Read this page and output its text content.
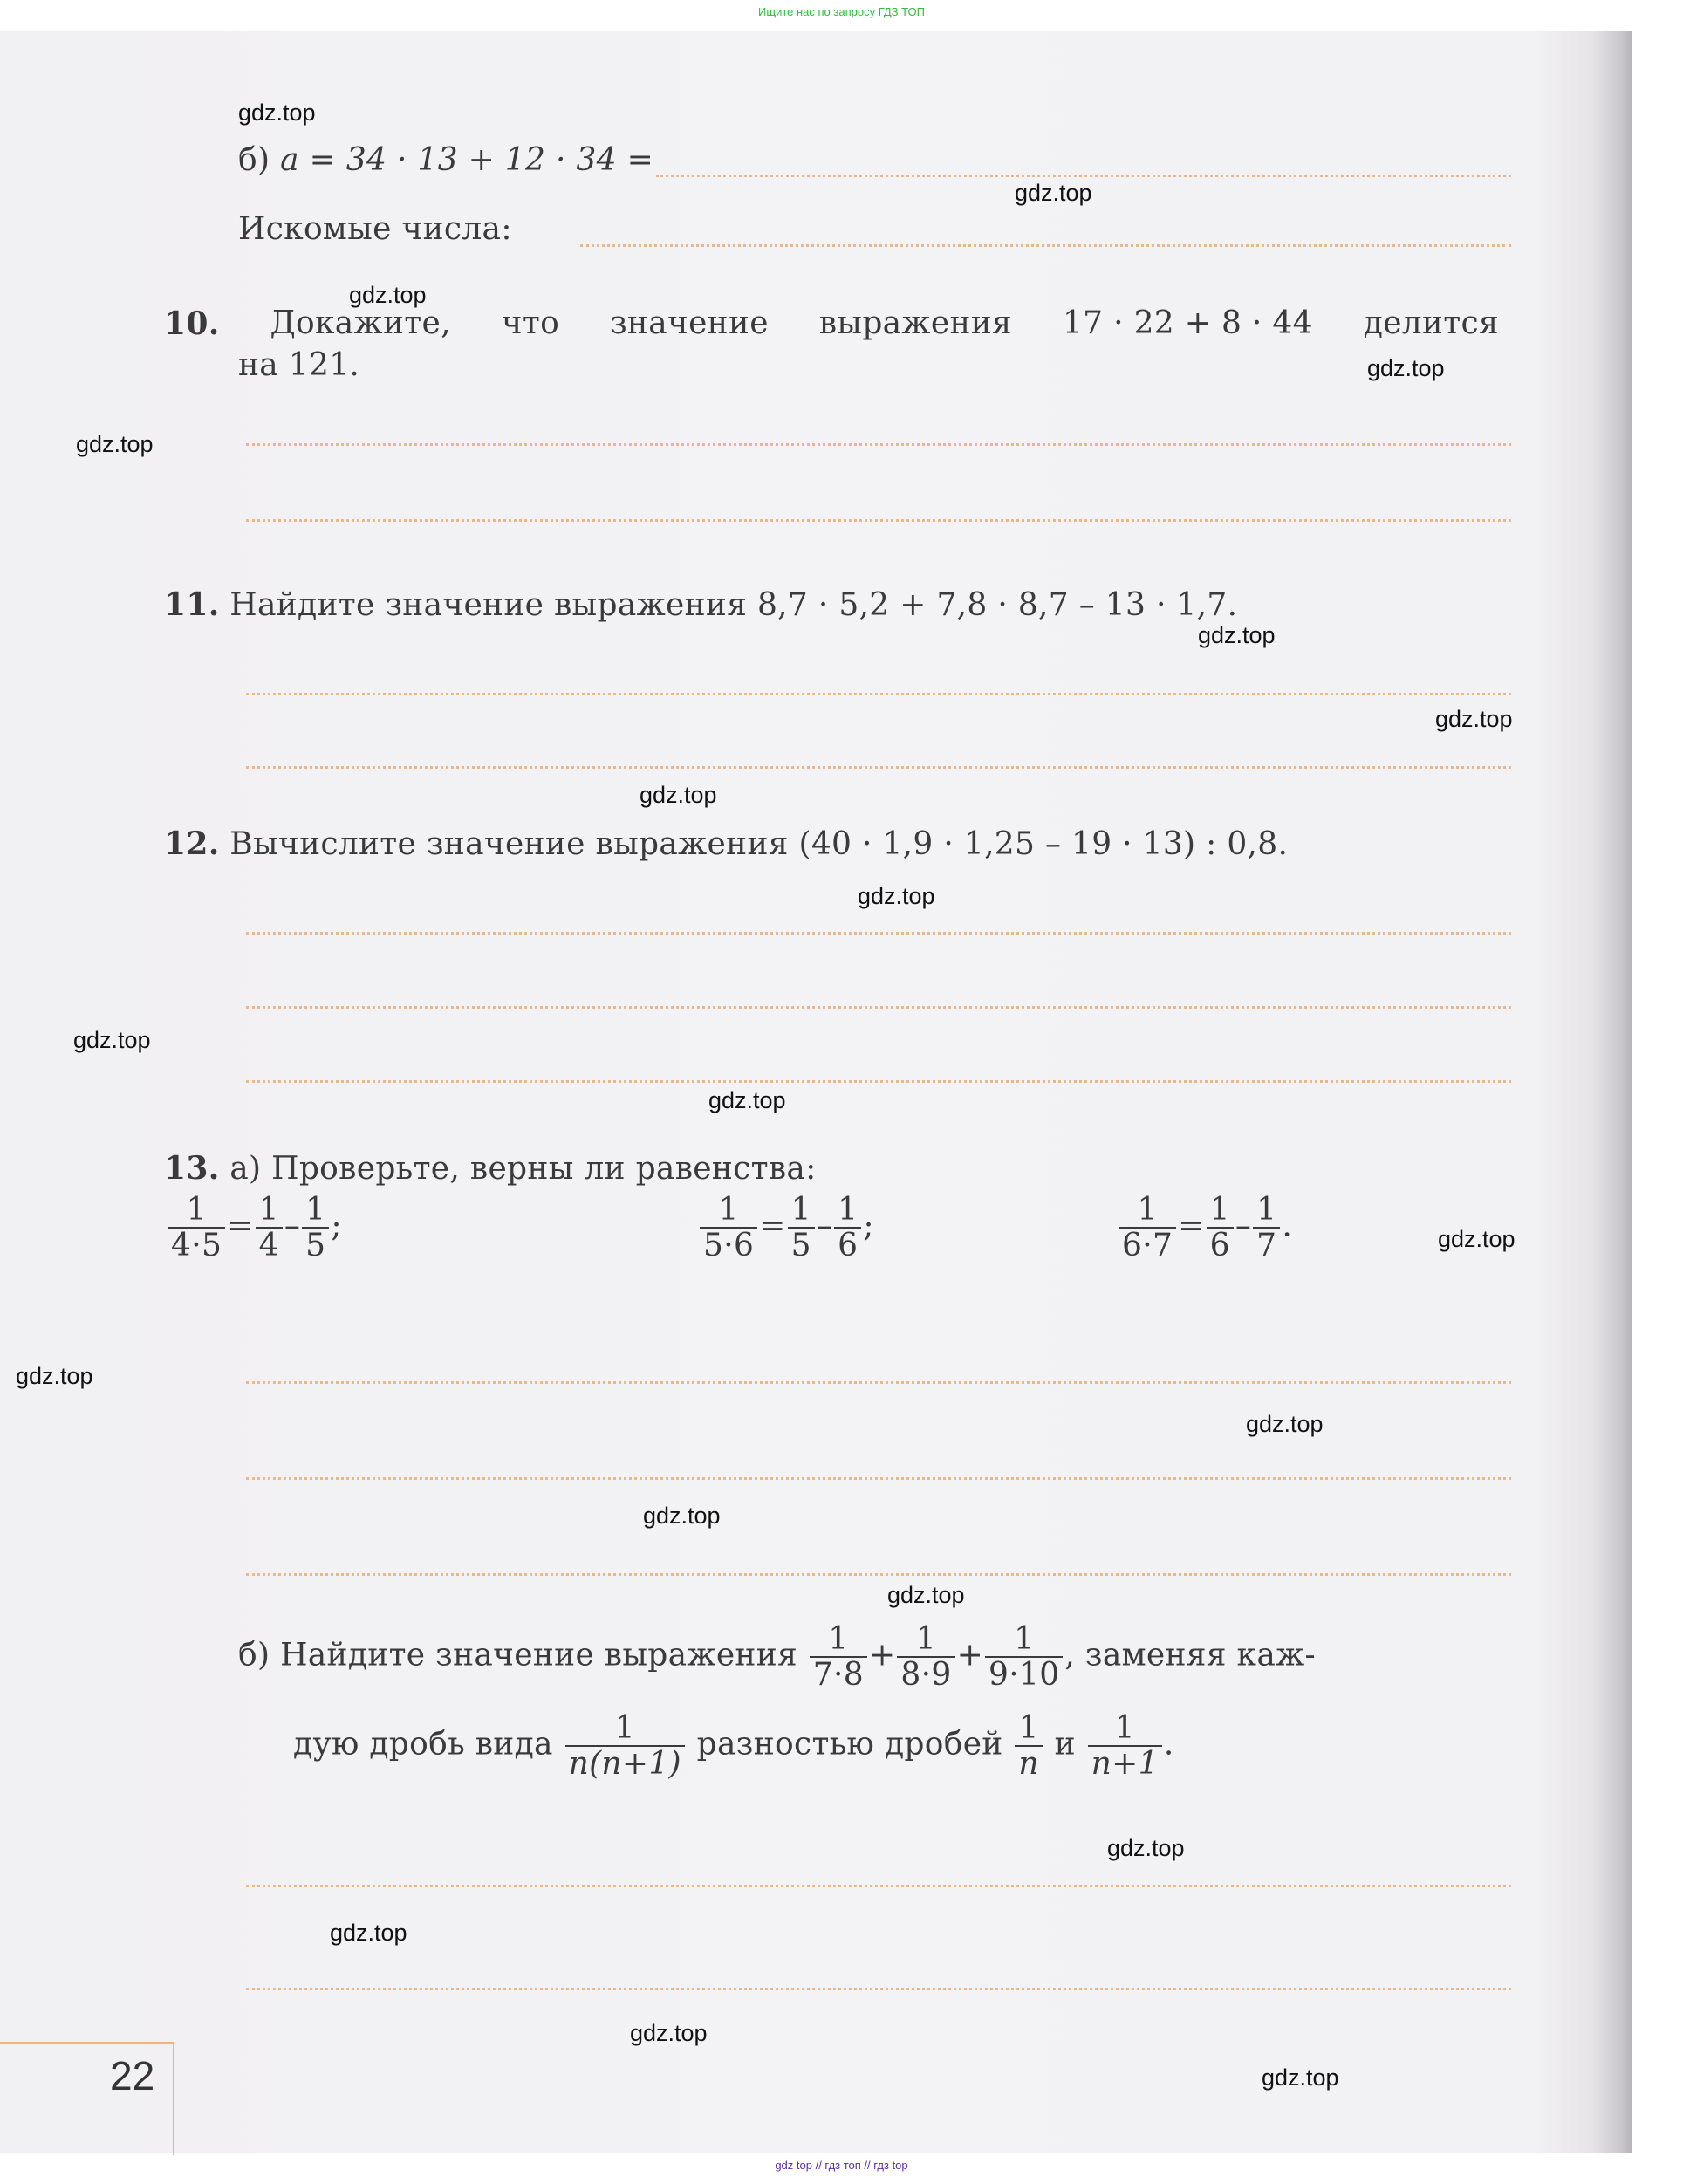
Ищите нас по запросу ГДЗ ТОП
б) a = 34 · 13 + 12 · 34 =
Искомые числа:
10. Докажите, что значение выражения 17 · 22 + 8 · 44 делится
на 121.
11. Найдите значение выражения 8,7 · 5,2 + 7,8 · 8,7 – 13 · 1,7.
12. Вычислите значение выражения (40 · 1,9 · 1,25 – 19 · 13) : 0,8.
13. а) Проверьте, верны ли равенства:
$\frac{1}{4\cdot 5} = \frac{1}{4} - \frac{1}{5}$ ;	$\frac{1}{5\cdot 6} = \frac{1}{5} - \frac{1}{6}$ ;	$\frac{1}{6\cdot 7} = \frac{1}{6} - \frac{1}{7}$ .
б) Найдите значение выражения $\frac{1}{7\cdot 8} + \frac{1}{8\cdot 9} + \frac{1}{9\cdot 10}$ , заменяя каж-
дую дробь вида $\frac{1}{n(n+1)}$ разностью дробей $\frac{1}{n}$ и $\frac{1}{n+1}$ .
22
gdz.top
gdz.top
gdz.top
gdz.top
gdz.top
gdz.top
gdz.top
gdz.top
gdz.top
gdz.top
gdz.top
gdz.top
gdz.top
gdz.top
gdz.top
gdz.top
gdz.top
gdz.top
gdz.top
gdz.top
gdz top // гдз топ // гдз top
